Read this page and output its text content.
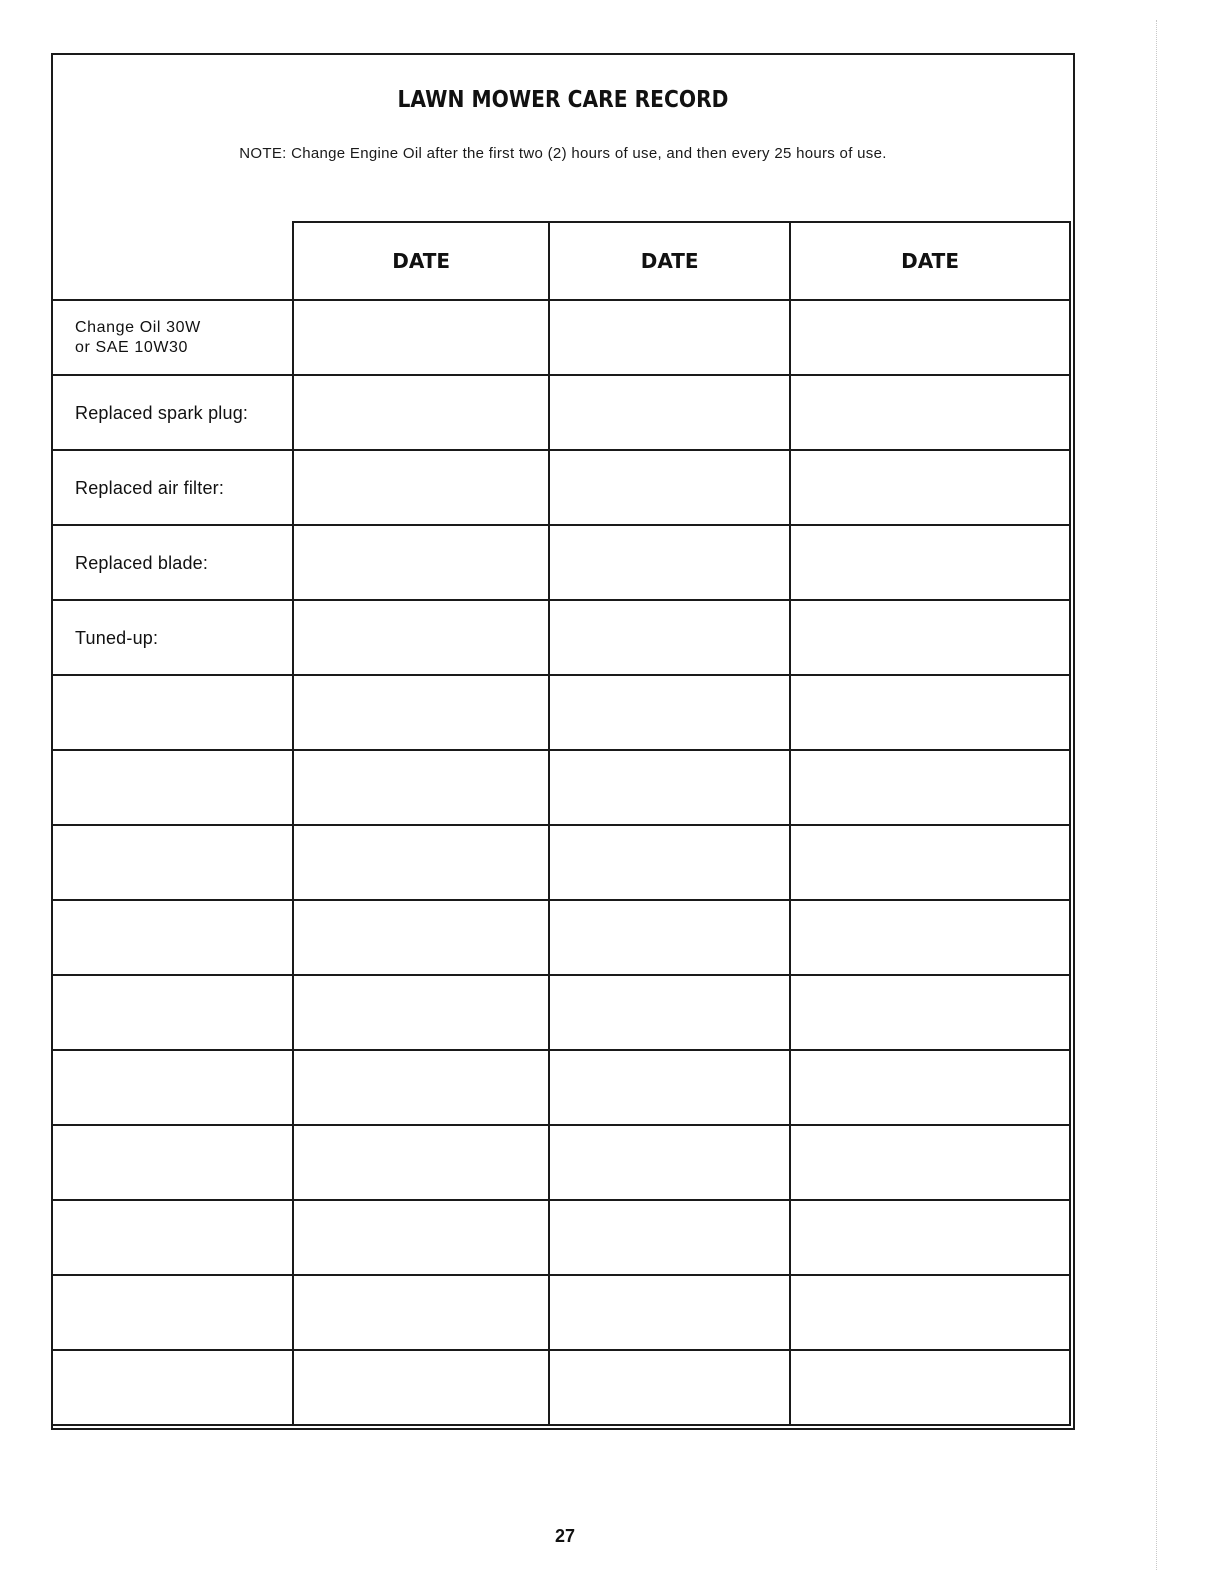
LAWN MOWER CARE RECORD
NOTE: Change Engine Oil after the first two (2) hours of use, and then every 25 hours of use.
	DATE	DATE	DATE
Change Oil 30W
or SAE 10W30			

Replaced spark plug:			
Replaced air filter:			
Replaced blade:			
Tuned-up:			

27
